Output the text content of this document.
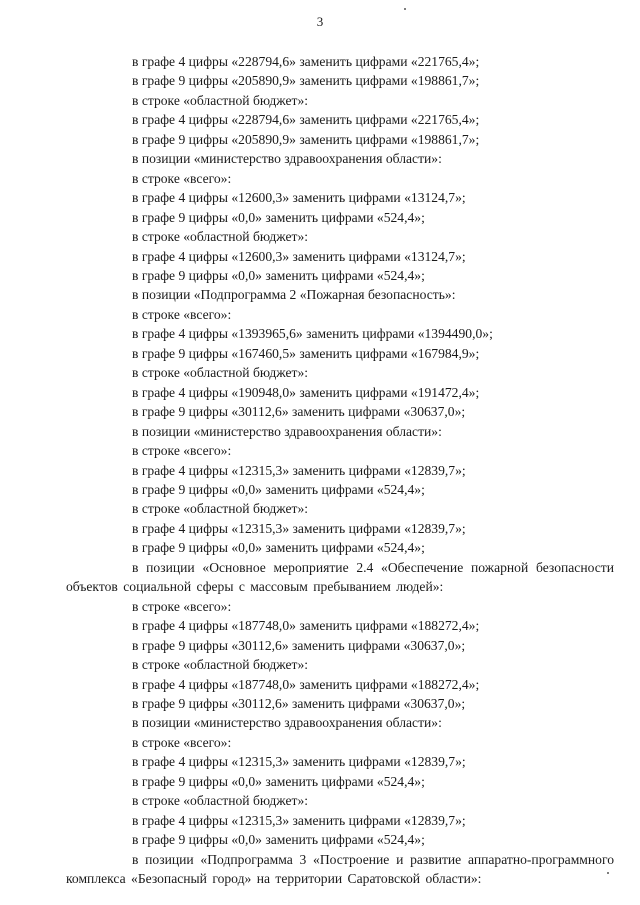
3
в графе 4 цифры «228794,6» заменить цифрами «221765,4»;
в графе 9 цифры «205890,9» заменить цифрами «198861,7»;
в строке «областной бюджет»:
в графе 4 цифры «228794,6» заменить цифрами «221765,4»;
в графе 9 цифры «205890,9» заменить цифрами «198861,7»;
в позиции «министерство здравоохранения области»:
в строке «всего»:
в графе 4 цифры «12600,3» заменить цифрами «13124,7»;
в графе 9 цифры «0,0» заменить цифрами «524,4»;
в строке «областной бюджет»:
в графе 4 цифры «12600,3» заменить цифрами «13124,7»;
в графе 9 цифры «0,0» заменить цифрами «524,4»;
в позиции «Подпрограмма 2 «Пожарная безопасность»:
в строке «всего»:
в графе 4 цифры «1393965,6» заменить цифрами «1394490,0»;
в графе 9 цифры «167460,5» заменить цифрами «167984,9»;
в строке «областной бюджет»:
в графе 4 цифры «190948,0» заменить цифрами «191472,4»;
в графе 9 цифры «30112,6» заменить цифрами «30637,0»;
в позиции «министерство здравоохранения области»:
в строке «всего»:
в графе 4 цифры «12315,3» заменить цифрами «12839,7»;
в графе 9 цифры «0,0» заменить цифрами «524,4»;
в строке «областной бюджет»:
в графе 4 цифры «12315,3» заменить цифрами «12839,7»;
в графе 9 цифры «0,0» заменить цифрами «524,4»;
в позиции «Основное мероприятие 2.4 «Обеспечение пожарной безопасности объектов социальной сферы с массовым пребыванием людей»:
в строке «всего»:
в графе 4 цифры «187748,0» заменить цифрами «188272,4»;
в графе 9 цифры «30112,6» заменить цифрами «30637,0»;
в строке «областной бюджет»:
в графе 4 цифры «187748,0» заменить цифрами «188272,4»;
в графе 9 цифры «30112,6» заменить цифрами «30637,0»;
в позиции «министерство здравоохранения области»:
в строке «всего»:
в графе 4 цифры «12315,3» заменить цифрами «12839,7»;
в графе 9 цифры «0,0» заменить цифрами «524,4»;
в строке «областной бюджет»:
в графе 4 цифры «12315,3» заменить цифрами «12839,7»;
в графе 9 цифры «0,0» заменить цифрами «524,4»;
в позиции «Подпрограмма 3 «Построение и развитие аппаратно-программного комплекса «Безопасный город» на территории Саратовской области»:
